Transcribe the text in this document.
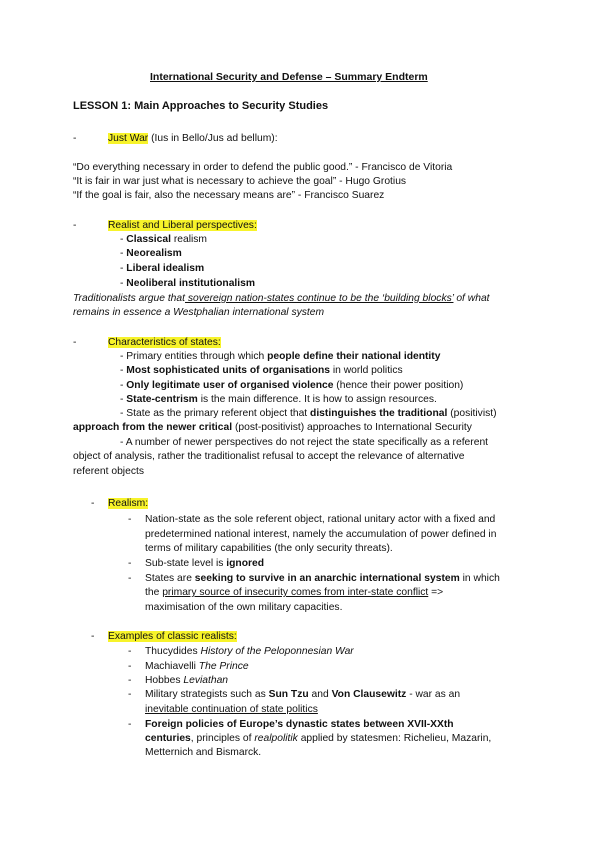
International Security and Defense – Summary Endterm
LESSON 1: Main Approaches to Security Studies
-	Just War (Ius in Bello/Jus ad bellum):
“Do everything necessary in order to defend the public good.” - Francisco de Vitoria
“It is fair in war just what is necessary to achieve the goal” - Hugo Grotius
“If the goal is fair, also the necessary means are” - Francisco Suarez
-	Realist and Liberal perspectives:
- Classical realism
- Neorealism
- Liberal idealism
- Neoliberal institutionalism
Traditionalists argue that sovereign nation-states continue to be the ‘building blocks’ of what
remains in essence a Westphalian international system
-	Characteristics of states:
- Primary entities through which people define their national identity
- Most sophisticated units of organisations in world politics
- Only legitimate user of organised violence (hence their power position)
- State-centrism is the main difference. It is how to assign resources.
- State as the primary referent object that distinguishes the traditional (positivist)
approach from the newer critical (post-positivist) approaches to International Security
- A number of newer perspectives do not reject the state specifically as a referent
object of analysis, rather the traditionalist refusal to accept the relevance of alternative
referent objects
- Realism:
- Nation-state as the sole referent object, rational unitary actor with a fixed and
predetermined national interest, namely the accumulation of power defined in
terms of military capabilities (the only security threats).
- Sub-state level is ignored
- States are seeking to survive in an anarchic international system in which
the primary source of insecurity comes from inter-state conflict =>
maximisation of the own military capacities.
- Examples of classic realists:
- Thucydides History of the Peloponnesian War
- Machiavelli The Prince
- Hobbes Leviathan
- Military strategists such as Sun Tzu and Von Clausewitz - war as an
inevitable continuation of state politics
- Foreign policies of Europe’s dynastic states between XVII-XXth
centuries, principles of realpolitik applied by statesmen: Richelieu, Mazarin,
Metternich and Bismarck.
